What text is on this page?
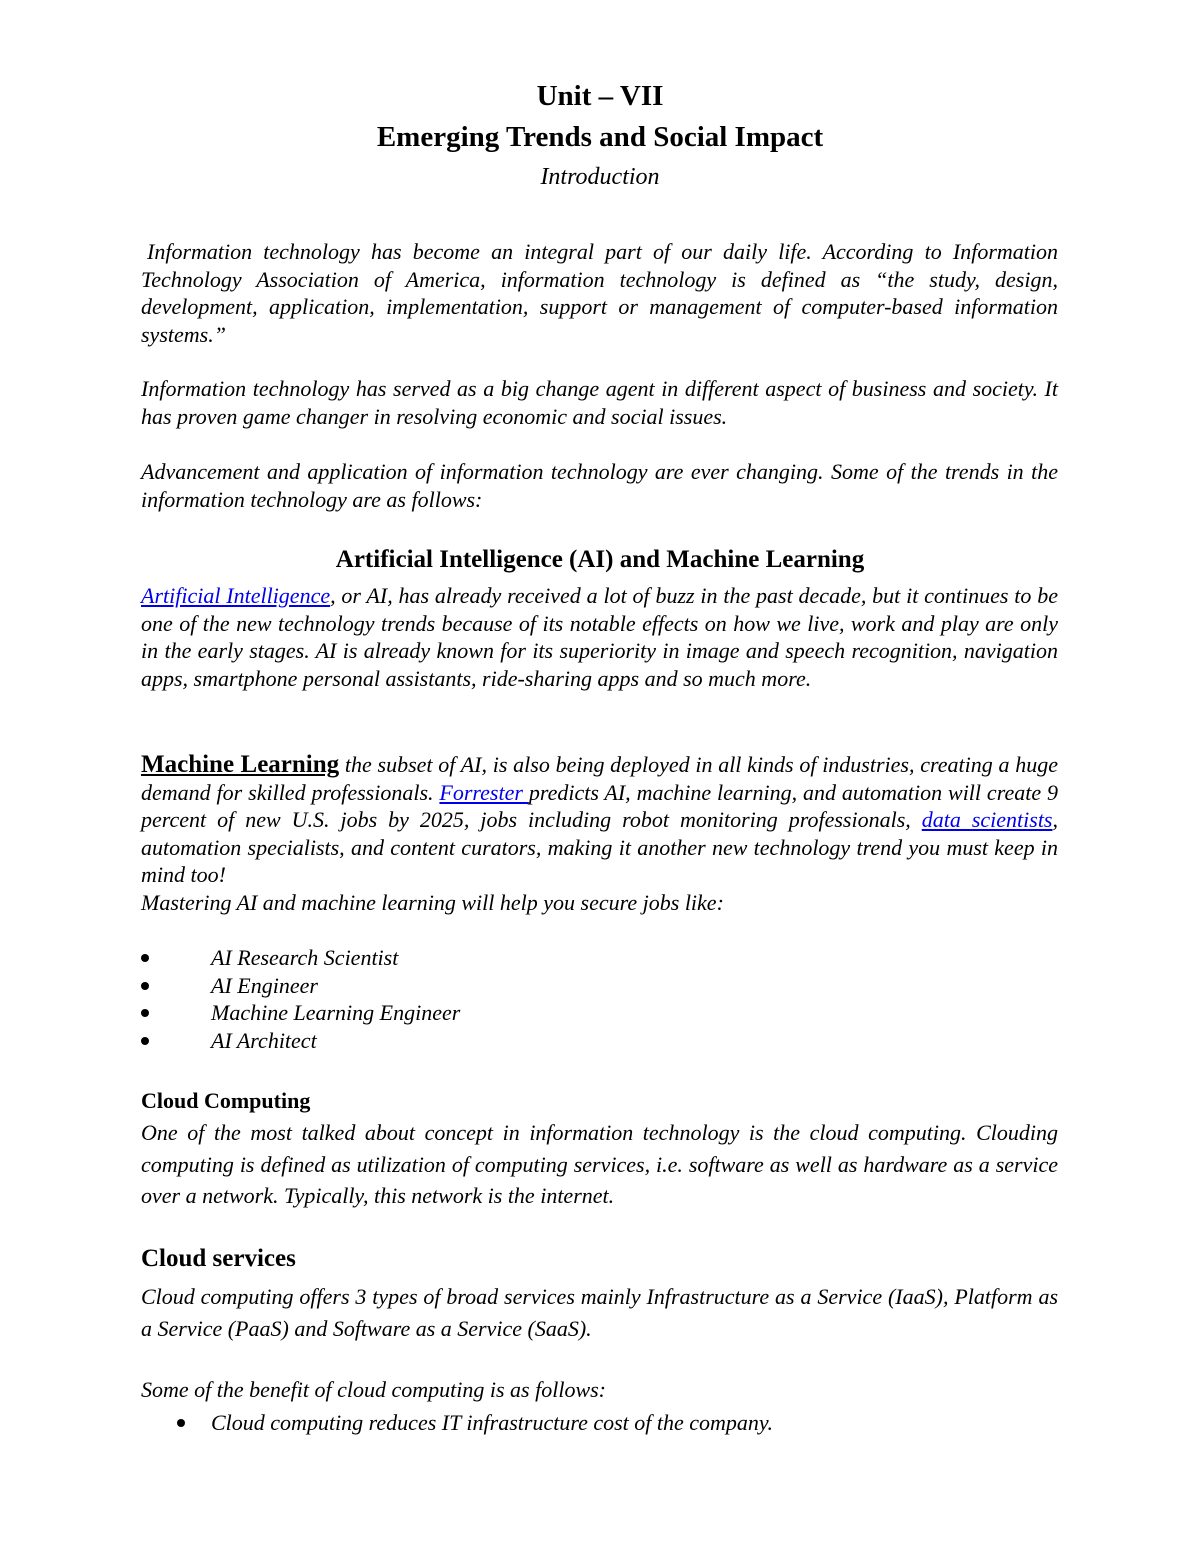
Unit – VII
Emerging Trends and Social Impact
Introduction
Information technology has become an integral part of our daily life. According to Information Technology Association of America, information technology is defined as “the study, design, development, application, implementation, support or management of computer-based information systems.”
Information technology has served as a big change agent in different aspect of business and society. It has proven game changer in resolving economic and social issues.
Advancement and application of information technology are ever changing. Some of the trends in the information technology are as follows:
Artificial Intelligence (AI) and Machine Learning
Artificial Intelligence, or AI, has already received a lot of buzz in the past decade, but it continues to be one of the new technology trends because of its notable effects on how we live, work and play are only in the early stages. AI is already known for its superiority in image and speech recognition, navigation apps, smartphone personal assistants, ride-sharing apps and so much more.
Machine Learning the subset of AI, is also being deployed in all kinds of industries, creating a huge demand for skilled professionals. Forrester predicts AI, machine learning, and automation will create 9 percent of new U.S. jobs by 2025, jobs including robot monitoring professionals, data scientists, automation specialists, and content curators, making it another new technology trend you must keep in mind too!
Mastering AI and machine learning will help you secure jobs like:
AI Research Scientist
AI Engineer
Machine Learning Engineer
AI Architect
Cloud Computing
One of the most talked about concept in information technology is the cloud computing. Clouding computing is defined as utilization of computing services, i.e. software as well as hardware as a service over a network. Typically, this network is the internet.
Cloud services
Cloud computing offers 3 types of broad services mainly Infrastructure as a Service (IaaS), Platform as a Service (PaaS) and Software as a Service (SaaS).
Some of the benefit of cloud computing is as follows:
Cloud computing reduces IT infrastructure cost of the company.
